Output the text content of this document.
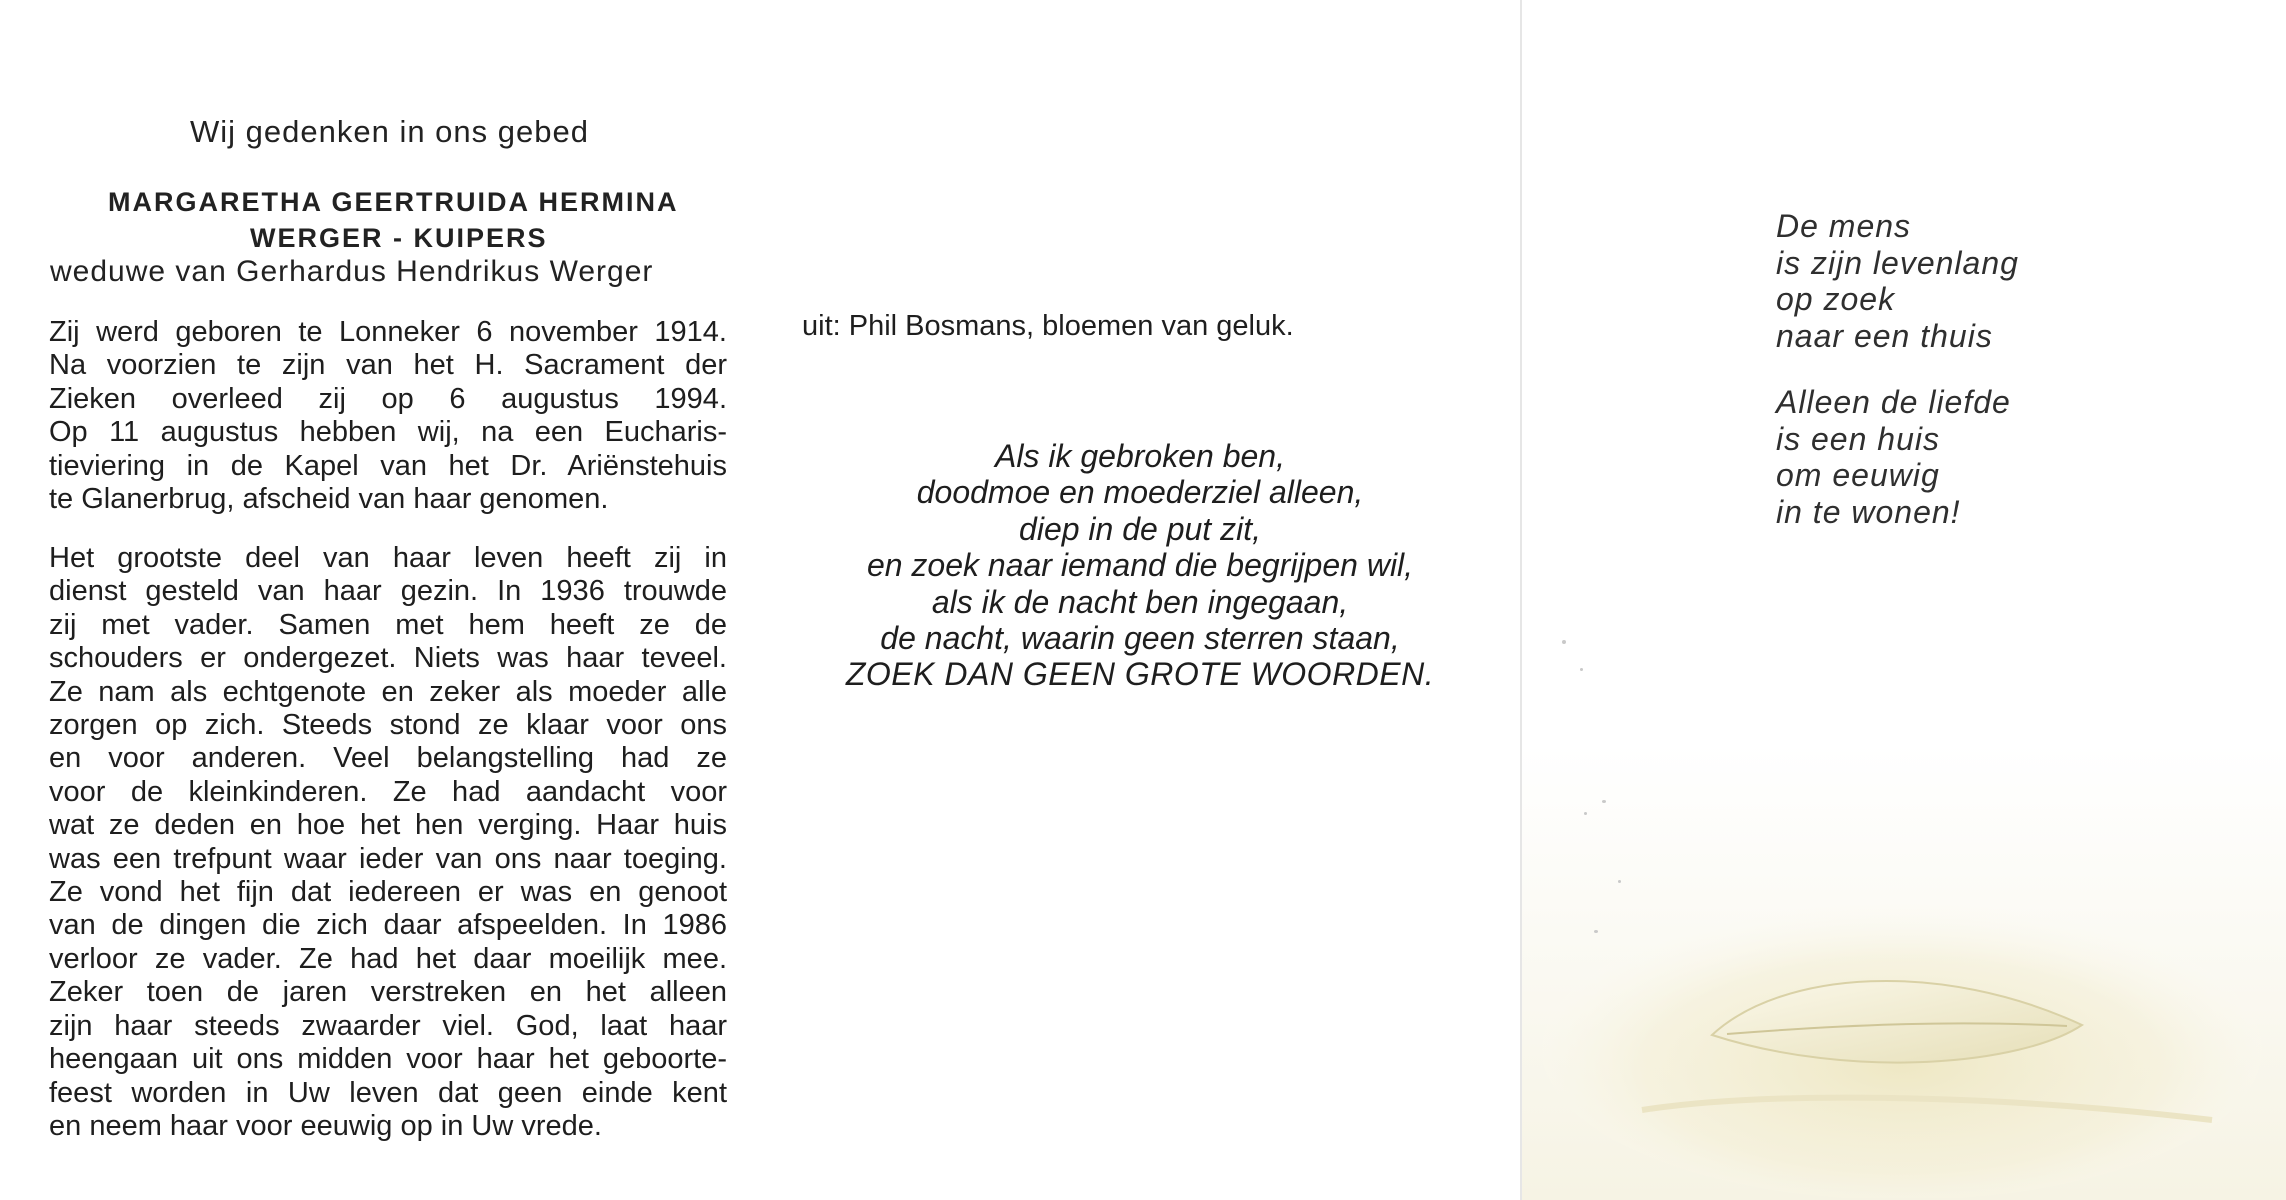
Wij gedenken in ons gebed
MARGARETHA GEERTRUIDA HERMINA
WERGER - KUIPERS
weduwe van Gerhardus Hendrikus Werger
Zij werd geboren te Lonneker 6 november 1914.
Na voorzien te zijn van het H. Sacrament der
Zieken overleed zij op 6 augustus 1994.
Op 11 augustus hebben wij, na een Eucharis-
tieviering in de Kapel van het Dr. Ariënstehuis
te Glanerbrug, afscheid van haar genomen.
Het grootste deel van haar leven heeft zij in
dienst gesteld van haar gezin. In 1936 trouwde
zij met vader. Samen met hem heeft ze de
schouders er ondergezet. Niets was haar teveel.
Ze nam als echtgenote en zeker als moeder alle
zorgen op zich. Steeds stond ze klaar voor ons
en voor anderen. Veel belangstelling had ze
voor de kleinkinderen. Ze had aandacht voor
wat ze deden en hoe het hen verging. Haar huis
was een trefpunt waar ieder van ons naar toeging.
Ze vond het fijn dat iedereen er was en genoot
van de dingen die zich daar afspeelden. In 1986
verloor ze vader. Ze had het daar moeilijk mee.
Zeker toen de jaren verstreken en het alleen
zijn haar steeds zwaarder viel. God, laat haar
heengaan uit ons midden voor haar het geboorte-
feest worden in Uw leven dat geen einde kent
en neem haar voor eeuwig op in Uw vrede.
uit: Phil Bosmans, bloemen van geluk.
Als ik gebroken ben,
doodmoe en moederziel alleen,
diep in de put zit,
en zoek naar iemand die begrijpen wil,
als ik de nacht ben ingegaan,
de nacht, waarin geen sterren staan,
ZOEK DAN GEEN GROTE WOORDEN.
De mens
is zijn levenlang
op zoek
naar een thuis
Alleen de liefde
is een huis
om eeuwig
in te wonen!
